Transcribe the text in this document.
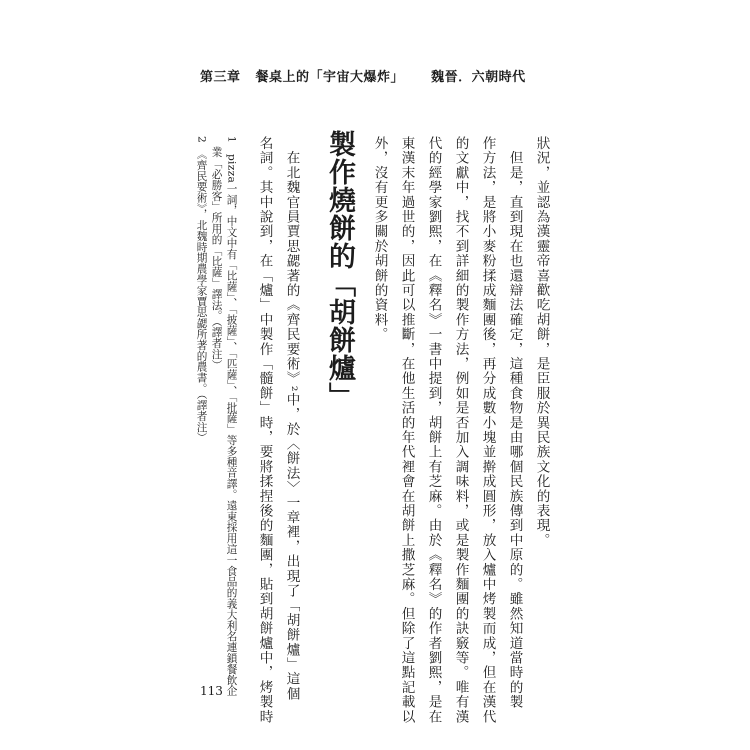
第三章 餐桌上的「宇宙大爆炸」 魏晉．六朝時代
狀況，並認為漢靈帝喜歡吃胡餅，是臣服於異民族文化的表現。
　但是，直到現在也還辯法確定，這種食物是由哪個民族傳到中原的。雖然知道當時的製
作方法，是將小麥粉揉成麵團後，再分成數小塊並擀成圓形，放入爐中烤製而成，但在漢代
的文獻中，找不到詳細的製作方法，例如是否加入調味料，或是製作麵團的訣竅等。唯有漢
代的經學家劉熙，在《釋名》一書中提到，胡餅上有芝麻。由於《釋名》的作者劉熙，是在
東漢末年過世的，因此可以推斷，在他生活的年代裡會在胡餅上撒芝麻。但除了這點記載以
外，沒有更多關於胡餅的資料。
製作燒餅的「胡餅爐」
　在北魏官員賈思勰著的《齊民要術》²中，於〈餅法〉一章裡，出現了「胡餅爐」這個
名詞。其中說到，在「爐」中製作「髓餅」時，要將揉捏後的麵團，貼到胡餅爐中，烤製時
1　pizza一詞，中文中有「比薩」、「披薩」、「匹薩」、「批薩」等多種音譯。遠東採用這一食品的義大利名連鎖餐飲企
　業「必勝客」所用的「比薩」譯法。（譯者注）
2　《齊民要術》，北魏時期農學家賈思勰所著的農書。（譯者注）
113
